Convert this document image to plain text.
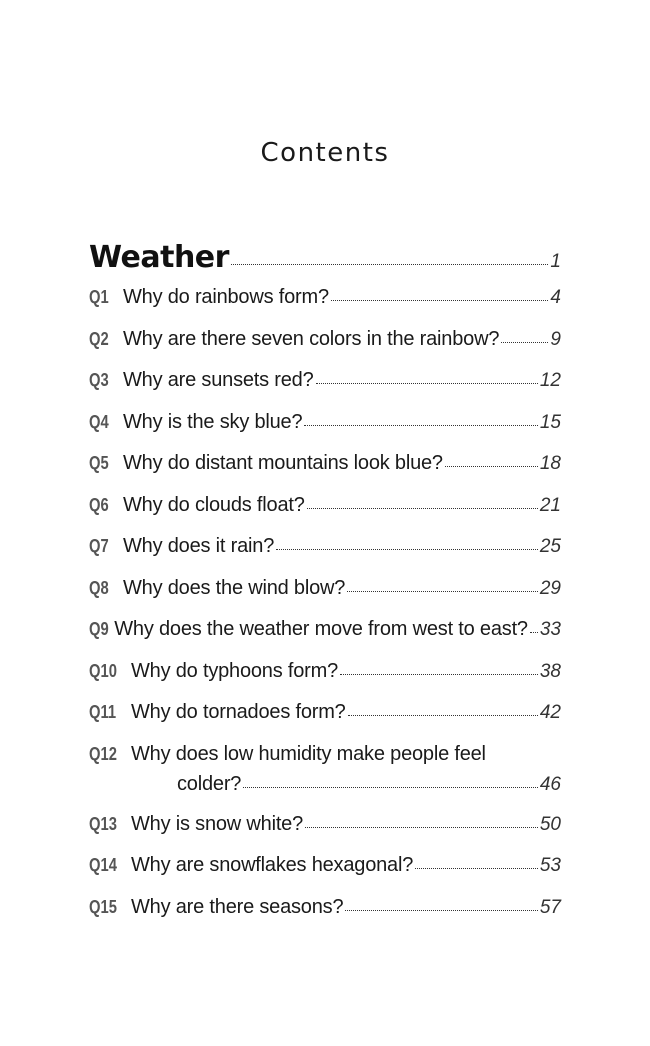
Contents
Weather	1
Q1 Why do rainbows form?	4
Q2 Why are there seven colors in the rainbow?	9
Q3 Why are sunsets red?	12
Q4 Why is the sky blue?	15
Q5 Why do distant mountains look blue?	18
Q6 Why do clouds float?	21
Q7 Why does it rain?	25
Q8 Why does the wind blow?	29
Q9 Why does the weather move from west to east? 33
Q10 Why do typhoons form?	38
Q11 Why do tornadoes form?	42
Q12 Why does low humidity make people feel
colder?	46
Q13 Why is snow white?	50
Q14 Why are snowflakes hexagonal?	53
Q15 Why are there seasons?	57
